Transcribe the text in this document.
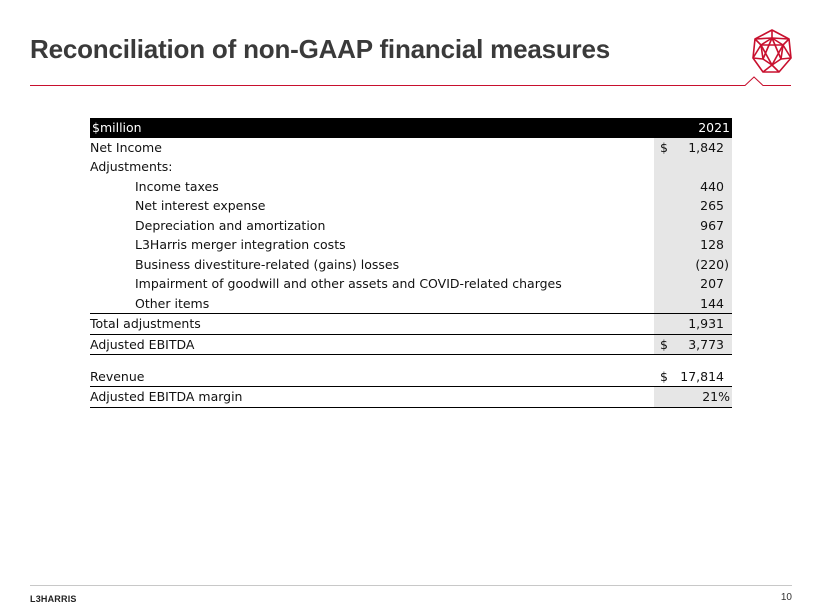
Reconciliation of non-GAAP financial measures
$million	2021
Net Income	$ 1,842

Adjustments:	
Income taxes	440

Net interest expense	265

Depreciation and amortization	967

L3Harris merger integration costs	128

Business divestiture-related (gains) losses	(220)

Impairment of goodwill and other assets and COVID-related charges	207

Other items	144

Total adjustments	1,931

Adjusted EBITDA	$ 3,773

Revenue	$ 17,814

Adjusted EBITDA margin	21%
L3HARRIS	10
